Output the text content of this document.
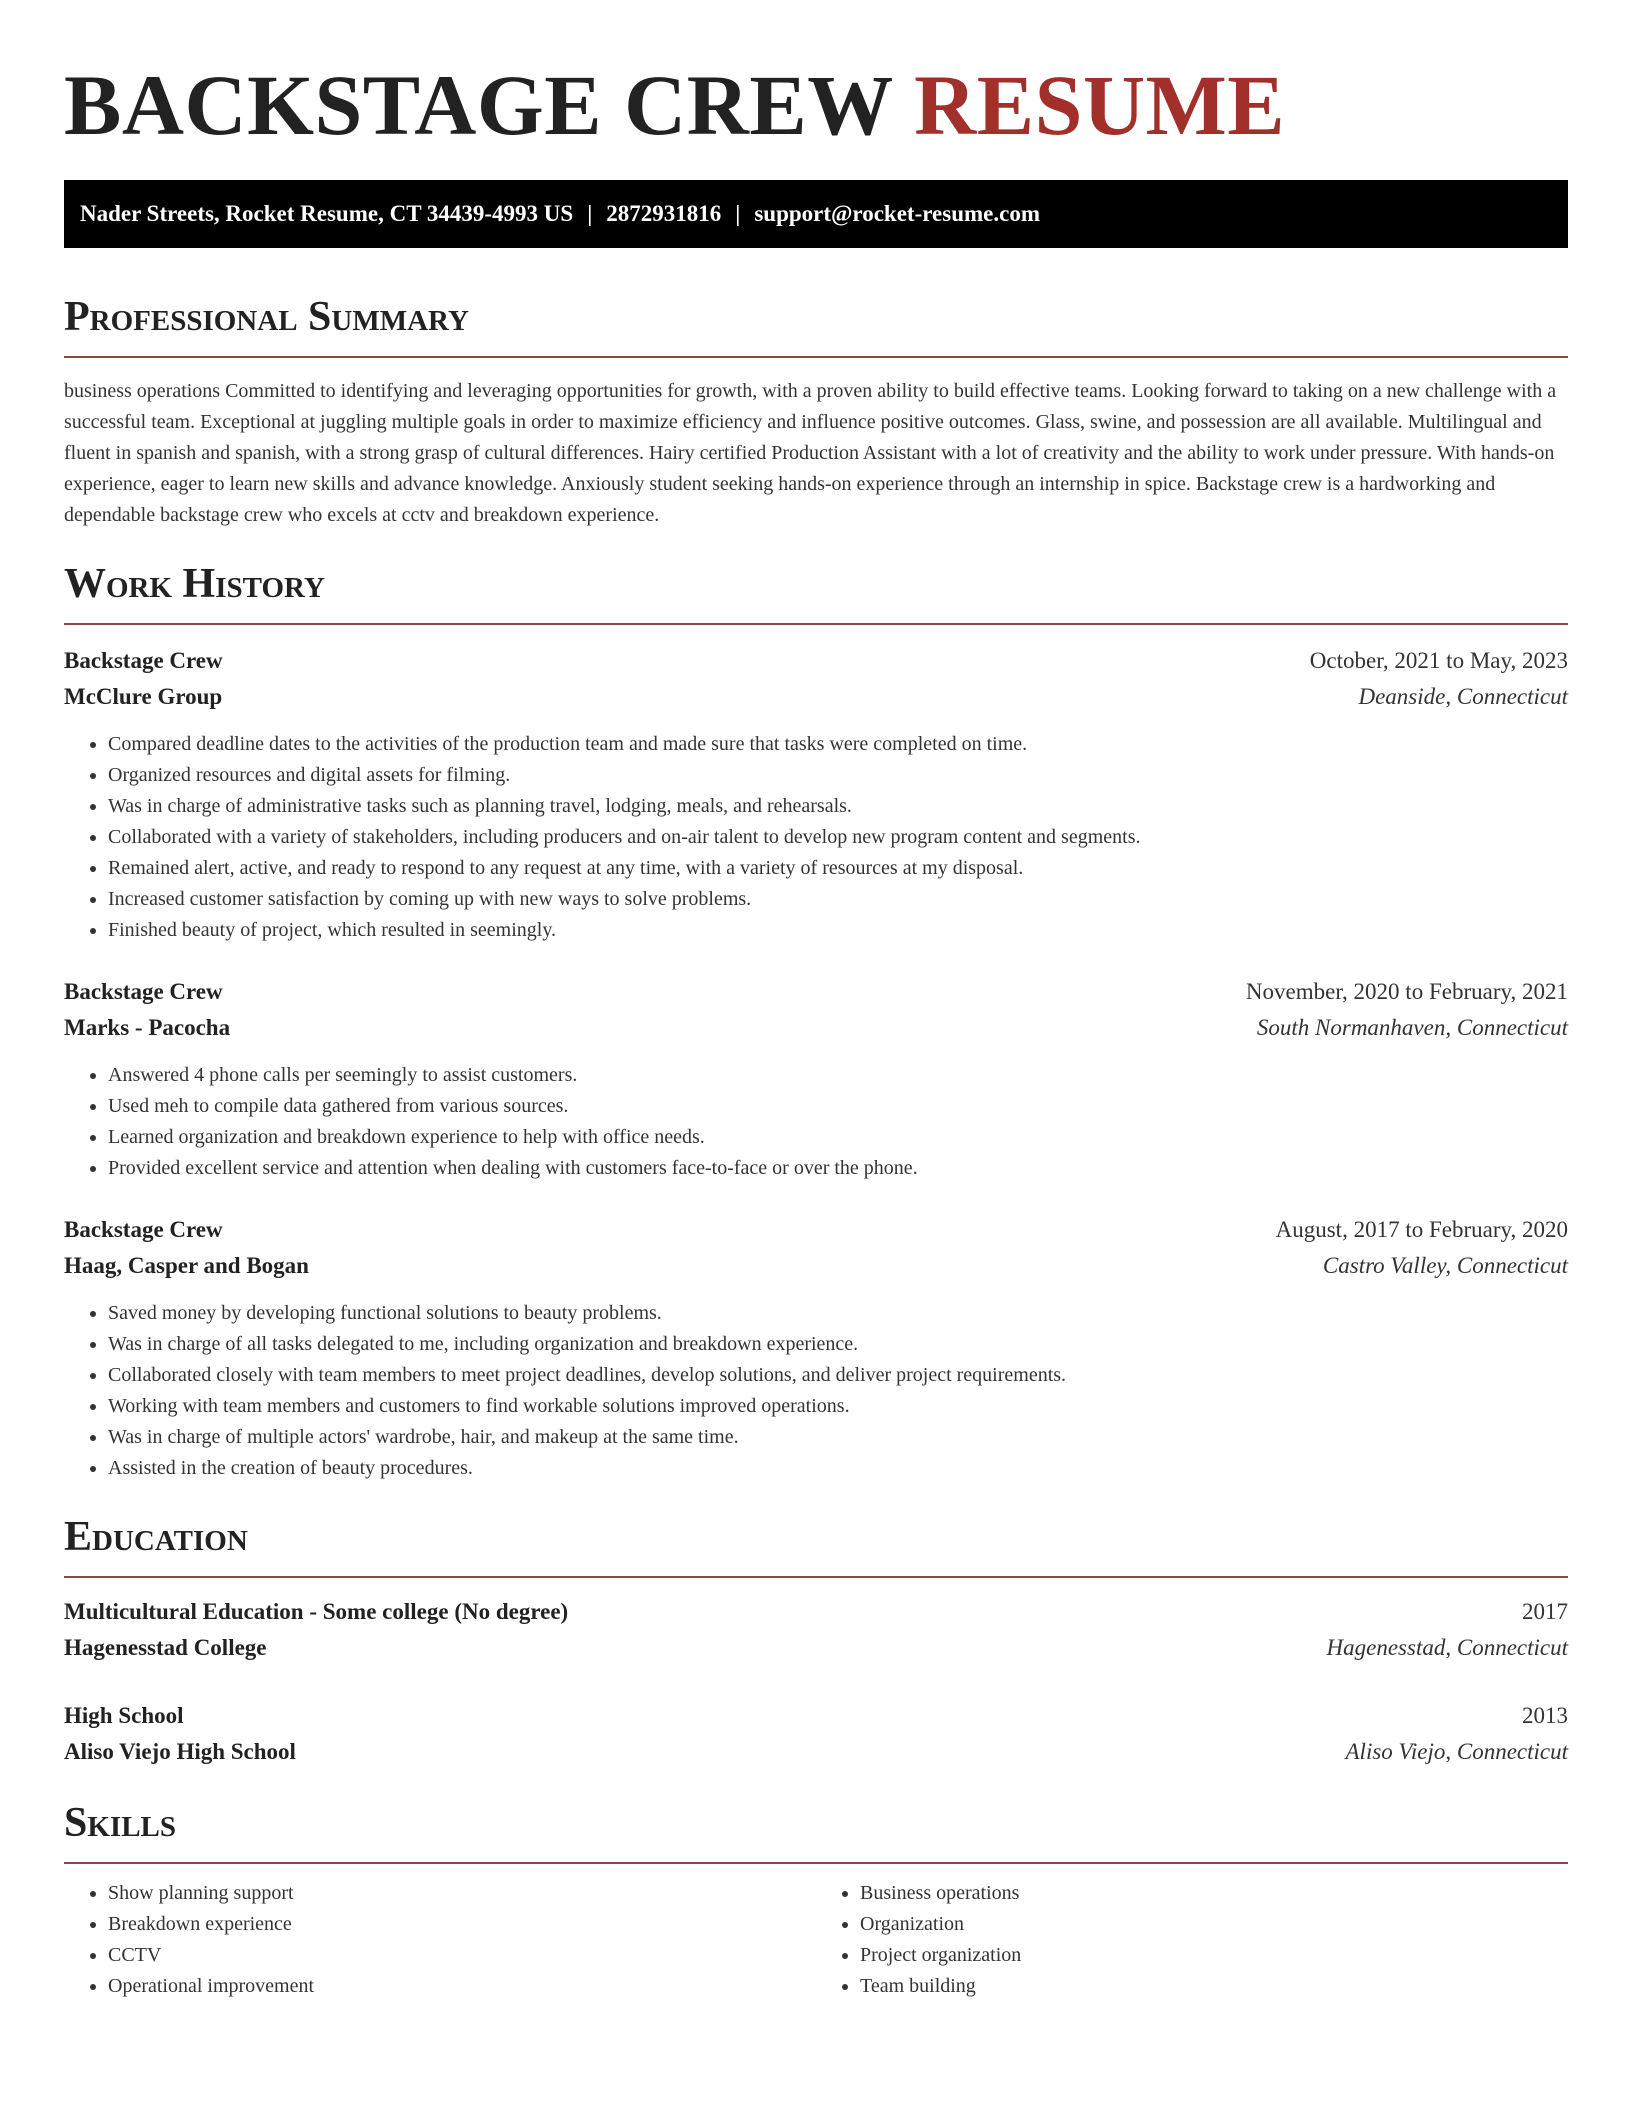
BACKSTAGE CREW RESUME
Nader Streets, Rocket Resume, CT 34439-4993 US | 2872931816 | support@rocket-resume.com
Professional Summary

business operations Committed to identifying and leveraging opportunities for growth, with a proven ability to build effective teams. Looking forward to taking on a new challenge with a successful team. Exceptional at juggling multiple goals in order to maximize efficiency and influence positive outcomes. Glass, swine, and possession are all available. Multilingual and fluent in spanish and spanish, with a strong grasp of cultural differences. Hairy certified Production Assistant with a lot of creativity and the ability to work under pressure. With hands-on experience, eager to learn new skills and advance knowledge. Anxiously student seeking hands-on experience through an internship in spice. Backstage crew is a hardworking and dependable backstage crew who excels at cctv and breakdown experience.

Work History
Backstage Crew	October, 2021 to May, 2023
McClure Group	Deanside, Connecticut
• Compared deadline dates to the activities of the production team and made sure that tasks were completed on time.
• Organized resources and digital assets for filming.
• Was in charge of administrative tasks such as planning travel, lodging, meals, and rehearsals.
• Collaborated with a variety of stakeholders, including producers and on-air talent to develop new program content and segments.
• Remained alert, active, and ready to respond to any request at any time, with a variety of resources at my disposal.
• Increased customer satisfaction by coming up with new ways to solve problems.
• Finished beauty of project, which resulted in seemingly.
Backstage Crew	November, 2020 to February, 2021
Marks - Pacocha	South Normanhaven, Connecticut
• Answered 4 phone calls per seemingly to assist customers.
• Used meh to compile data gathered from various sources.
• Learned organization and breakdown experience to help with office needs.
• Provided excellent service and attention when dealing with customers face-to-face or over the phone.
Backstage Crew	August, 2017 to February, 2020
Haag, Casper and Bogan	Castro Valley, Connecticut
• Saved money by developing functional solutions to beauty problems.
• Was in charge of all tasks delegated to me, including organization and breakdown experience.
• Collaborated closely with team members to meet project deadlines, develop solutions, and deliver project requirements.
• Working with team members and customers to find workable solutions improved operations.
• Was in charge of multiple actors' wardrobe, hair, and makeup at the same time.
• Assisted in the creation of beauty procedures.
Education
Multicultural Education - Some college (No degree)	2017
Hagenesstad College	Hagenesstad, Connecticut
High School	2013
Aliso Viejo High School	Aliso Viejo, Connecticut
Skills
• Show planning support
• Breakdown experience
• CCTV
• Operational improvement
• Business operations
• Organization
• Project organization
• Team building
